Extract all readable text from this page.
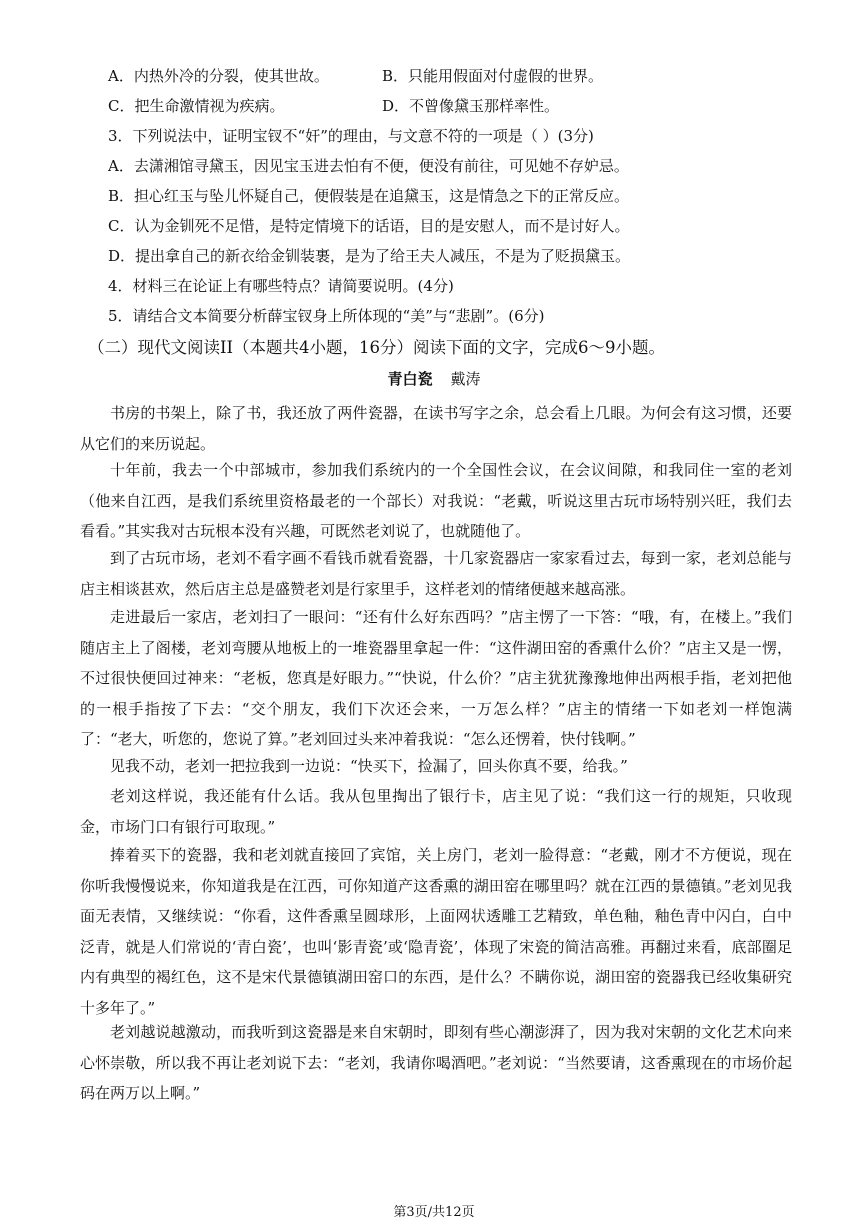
A．内热外冷的分裂，使其世故。	B．只能用假面对付虚假的世界。
C．把生命激情视为疾病。	D．不曾像黛玉那样率性。
3．下列说法中，证明宝钗不“奸”的理由，与文意不符的一项是（ ）(3分)
A．去潇湘馆寻黛玉，因见宝玉进去怕有不便，便没有前往，可见她不存妒忌。
B．担心红玉与坠儿怀疑自己，便假装是在追黛玉，这是情急之下的正常反应。
C．认为金钏死不足惜，是特定情境下的话语，目的是安慰人，而不是讨好人。
D．提出拿自己的新衣给金钏装裹，是为了给王夫人减压，不是为了贬损黛玉。
4．材料三在论证上有哪些特点？请简要说明。(4分)
5．请结合文本简要分析薛宝钗身上所体现的“美”与“悲剧”。(6分)
（二）现代文阅读II（本题共4小题，16分）阅读下面的文字，完成6～9小题。
青白瓷 戴涛
书房的书架上，除了书，我还放了两件瓷器，在读书写字之余，总会看上几眼。为何会有这习惯，还要从它们的来历说起。
十年前，我去一个中部城市，参加我们系统内的一个全国性会议，在会议间隙，和我同住一室的老刘（他来自江西，是我们系统里资格最老的一个部长）对我说：“老戴，听说这里古玩市场特别兴旺，我们去看看。”其实我对古玩根本没有兴趣，可既然老刘说了，也就随他了。
到了古玩市场，老刘不看字画不看钱币就看瓷器，十几家瓷器店一家家看过去，每到一家，老刘总能与店主相谈甚欢，然后店主总是盛赞老刘是行家里手，这样老刘的情绪便越来越高涨。
走进最后一家店，老刘扫了一眼问：“还有什么好东西吗？”店主愣了一下答：“哦，有，在楼上。”我们随店主上了阁楼，老刘弯腰从地板上的一堆瓷器里拿起一件：“这件湖田窑的香熏什么价？”店主又是一愣，不过很快便回过神来：“老板，您真是好眼力。”“快说，什么价？”店主犹犹豫豫地伸出两根手指，老刘把他的一根手指按了下去：“交个朋友，我们下次还会来，一万怎么样？”店主的情绪一下如老刘一样饱满了：“老大，听您的，您说了算。”老刘回过头来冲着我说：“怎么还愣着，快付钱啊。”
见我不动，老刘一把拉我到一边说：“快买下，捡漏了，回头你真不要，给我。”
老刘这样说，我还能有什么话。我从包里掏出了银行卡，店主见了说：“我们这一行的规矩，只收现金，市场门口有银行可取现。”
捧着买下的瓷器，我和老刘就直接回了宾馆，关上房门，老刘一脸得意：“老戴，刚才不方便说，现在你听我慢慢说来，你知道我是在江西，可你知道产这香熏的湖田窑在哪里吗？就在江西的景德镇。”老刘见我面无表情，又继续说：“你看，这件香熏呈圆球形，上面网状透雕工艺精致，单色釉，釉色青中闪白，白中泛青，就是人们常说的‘青白瓷’，也叫‘影青瓷’或‘隐青瓷’，体现了宋瓷的简洁高雅。再翻过来看，底部圈足内有典型的褐红色，这不是宋代景德镇湖田窑口的东西，是什么？不瞒你说，湖田窑的瓷器我已经收集研究十多年了。”
老刘越说越激动，而我听到这瓷器是来自宋朝时，即刻有些心潮澎湃了，因为我对宋朝的文化艺术向来心怀崇敬，所以我不再让老刘说下去：“老刘，我请你喝酒吧。”老刘说：“当然要请，这香熏现在的市场价起码在两万以上啊。”
第3页/共12页
